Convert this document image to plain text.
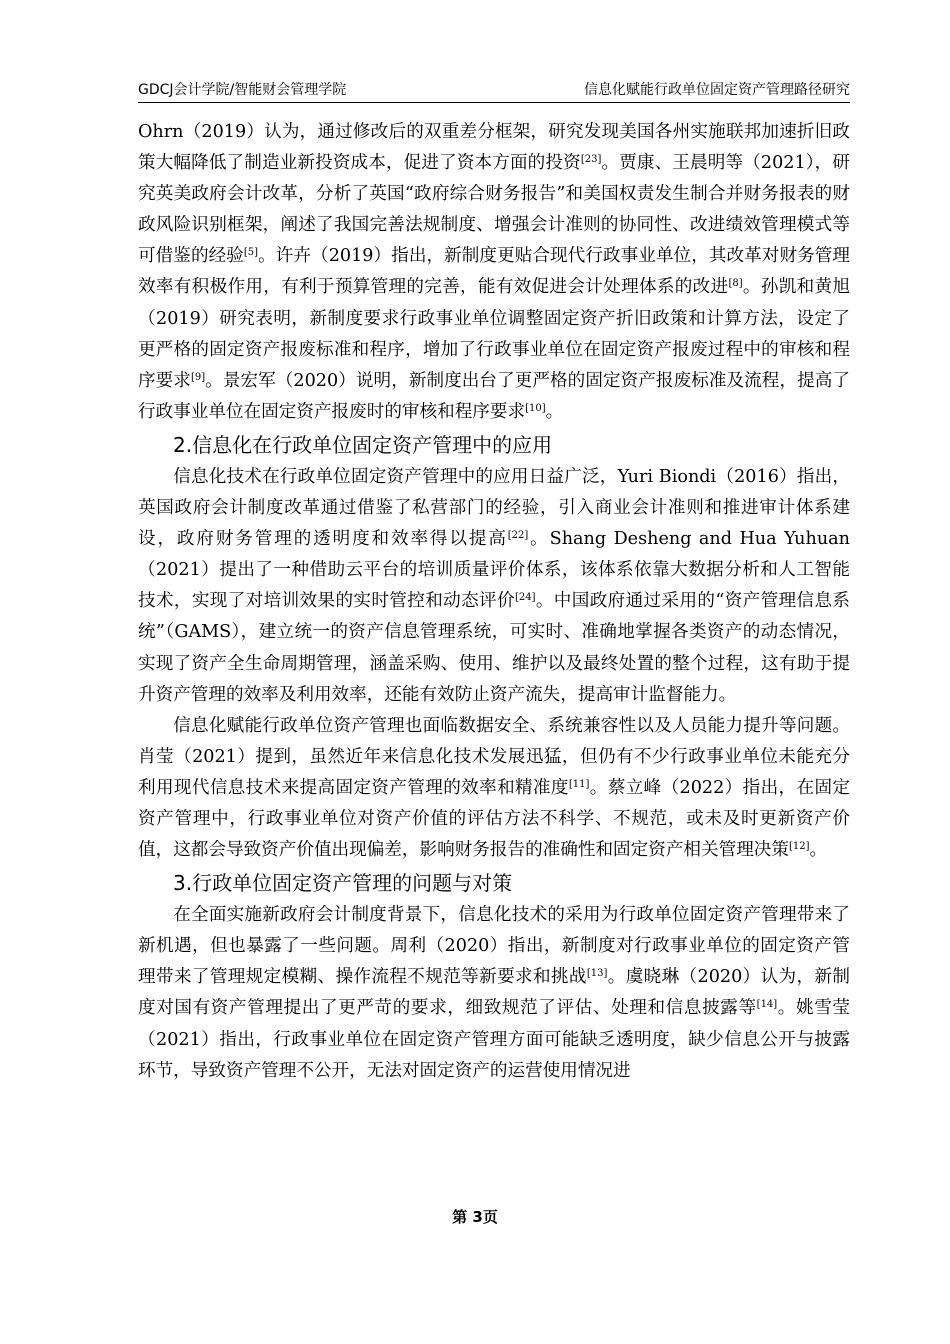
GDCJ会计学院/智能财会管理学院	信息化赋能行政单位固定资产管理路径研究

Ohrn（2019）认为，通过修改后的双重差分框架，研究发现美国各州实施联邦加速折旧政策大幅降低了制造业新投资成本，促进了资本方面的投资[23]。贾康、王晨明等（2021），研究英美政府会计改革，分析了英国“政府综合财务报告”和美国权责发生制合并财务报表的财政风险识别框架，阐述了我国完善法规制度、增强会计准则的协同性、改进绩效管理模式等可借鉴的经验[5]。许卉（2019）指出，新制度更贴合现代行政事业单位，其改革对财务管理效率有积极作用，有利于预算管理的完善，能有效促进会计处理体系的改进[8]。孙凯和黄旭（2019）研究表明，新制度要求行政事业单位调整固定资产折旧政策和计算方法，设定了更严格的固定资产报废标准和程序，增加了行政事业单位在固定资产报废过程中的审核和程序要求[9]。景宏军（2020）说明，新制度出台了更严格的固定资产报废标准及流程，提高了行政事业单位在固定资产报废时的审核和程序要求[10]。

2.信息化在行政单位固定资产管理中的应用

信息化技术在行政单位固定资产管理中的应用日益广泛，Yuri Biondi（2016）指出，英国政府会计制度改革通过借鉴了私营部门的经验，引入商业会计准则和推进审计体系建设，政府财务管理的透明度和效率得以提高[22]。Shang Desheng and Hua Yuhuan（2021）提出了一种借助云平台的培训质量评价体系，该体系依靠大数据分析和人工智能技术，实现了对培训效果的实时管控和动态评价[24]。中国政府通过采用的“资产管理信息系统”（GAMS），建立统一的资产信息管理系统，可实时、准确地掌握各类资产的动态情况，实现了资产全生命周期管理，涵盖采购、使用、维护以及最终处置的整个过程，这有助于提升资产管理的效率及利用效率，还能有效防止资产流失，提高审计监督能力。

信息化赋能行政单位资产管理也面临数据安全、系统兼容性以及人员能力提升等问题。肖莹（2021）提到，虽然近年来信息化技术发展迅猛，但仍有不少行政事业单位未能充分利用现代信息技术来提高固定资产管理的效率和精准度[11]。蔡立峰（2022）指出，在固定资产管理中，行政事业单位对资产价值的评估方法不科学、不规范，或未及时更新资产价值，这都会导致资产价值出现偏差，影响财务报告的准确性和固定资产相关管理决策[12]。

3.行政单位固定资产管理的问题与对策

在全面实施新政府会计制度背景下，信息化技术的采用为行政单位固定资产管理带来了新机遇，但也暴露了一些问题。周利（2020）指出，新制度对行政事业单位的固定资产管理带来了管理规定模糊、操作流程不规范等新要求和挑战[13]。虞晓琳（2020）认为，新制度对国有资产管理提出了更严苛的要求，细致规范了评估、处理和信息披露等[14]。姚雪莹（2021）指出，行政事业单位在固定资产管理方面可能缺乏透明度，缺少信息公开与披露环节，导致资产管理不公开，无法对固定资产的运营使用情况进

第 3页
